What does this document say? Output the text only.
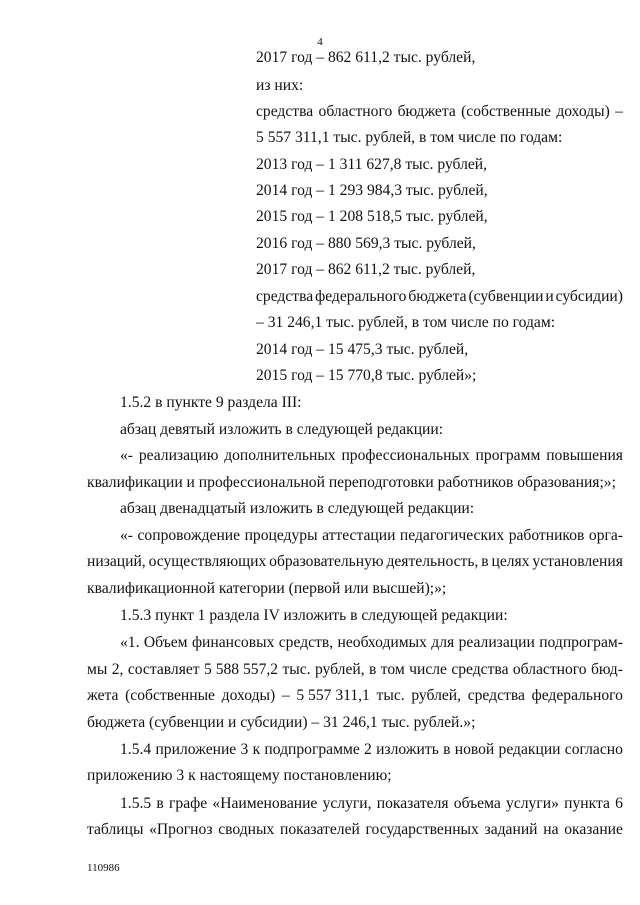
4
2017 год – 862 611,2 тыс. рублей,
из них:
средства областного бюджета (собственные доходы) –
5 557 311,1 тыс. рублей, в том числе по годам:
2013 год – 1 311 627,8 тыс. рублей,
2014 год – 1 293 984,3 тыс. рублей,
2015 год – 1 208 518,5 тыс. рублей,
2016 год – 880 569,3 тыс. рублей,
2017 год – 862 611,2 тыс. рублей,
средства федерального бюджета (субвенции и субсидии)
– 31 246,1 тыс. рублей, в том числе по годам:
2014 год – 15 475,3 тыс. рублей,
2015 год – 15 770,8 тыс. рублей»;
1.5.2 в пункте 9 раздела III:
абзац девятый изложить в следующей редакции:
«- реализацию дополнительных профессиональных программ повышения
квалификации и профессиональной переподготовки работников образования;»;
абзац двенадцатый изложить в следующей редакции:
«- сопровождение процедуры аттестации педагогических работников орга-
низаций, осуществляющих образовательную деятельность, в целях установления
квалификационной категории (первой или высшей);»;
1.5.3 пункт 1 раздела IV изложить в следующей редакции:
«1. Объем финансовых средств, необходимых для реализации подпрограм-
мы 2, составляет 5 588 557,2 тыс. рублей, в том числе средства областного бюд-
жета (собственные доходы) – 5 557 311,1 тыс. рублей, средства федерального
бюджета (субвенции и субсидии) – 31 246,1 тыс. рублей.»;
1.5.4 приложение 3 к подпрограмме 2 изложить в новой редакции согласно
приложению 3 к настоящему постановлению;
1.5.5 в графе «Наименование услуги, показателя объема услуги» пункта 6
таблицы «Прогноз сводных показателей государственных заданий на оказание
110986
